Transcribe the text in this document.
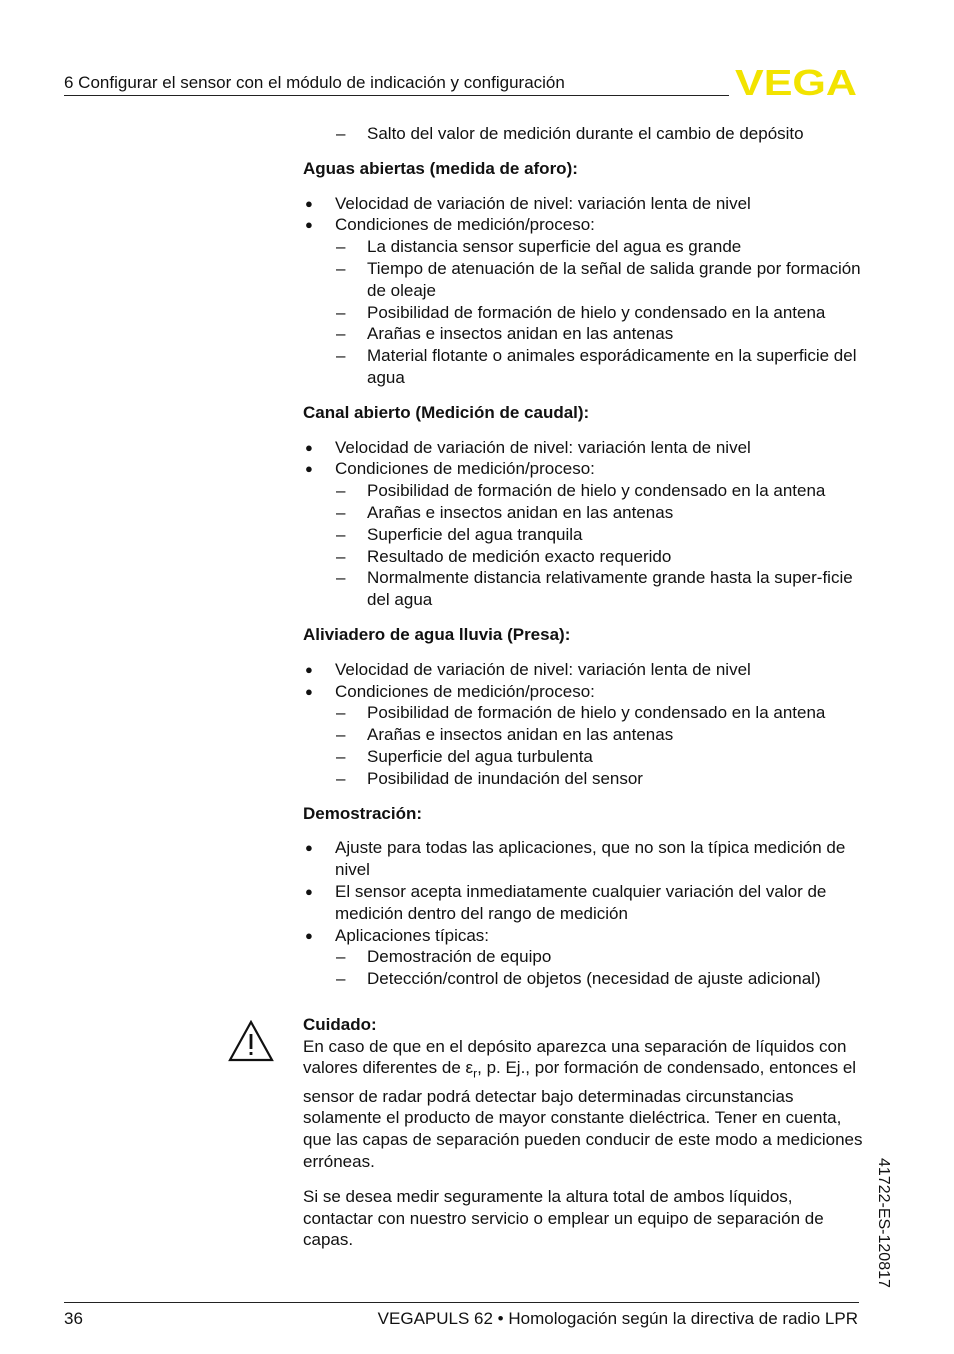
6 Configurar el sensor con el módulo de indicación y configuración	VEGA
– Salto del valor de medición durante el cambio de depósito

Aguas abiertas (medida de aforo):

● Velocidad de variación de nivel: variación lenta de nivel
● Condiciones de medición/proceso:
– La distancia sensor superficie del agua es grande
– Tiempo de atenuación de la señal de salida grande por formación de oleaje
– Posibilidad de formación de hielo y condensado en la antena
– Arañas e insectos anidan en las antenas
– Material flotante o animales esporádicamente en la superficie del agua

Canal abierto (Medición de caudal):

● Velocidad de variación de nivel: variación lenta de nivel
● Condiciones de medición/proceso:
– Posibilidad de formación de hielo y condensado en la antena
– Arañas e insectos anidan en las antenas
– Superficie del agua tranquila
– Resultado de medición exacto requerido
– Normalmente distancia relativamente grande hasta la super-ficie del agua

Aliviadero de agua lluvia (Presa):

● Velocidad de variación de nivel: variación lenta de nivel
● Condiciones de medición/proceso:
– Posibilidad de formación de hielo y condensado en la antena
– Arañas e insectos anidan en las antenas
– Superficie del agua turbulenta
– Posibilidad de inundación del sensor

Demostración:

● Ajuste para todas las aplicaciones, que no son la típica medición de nivel
● El sensor acepta inmediatamente cualquier variación del valor de medición dentro del rango de medición
● Aplicaciones típicas:
– Demostración de equipo
– Detección/control de objetos (necesidad de ajuste adicional)

Cuidado:

En caso de que en el depósito aparezca una separación de líquidos con valores diferentes de $\varepsilon_r$, p. Ej., por formación de condensado, entonces el sensor de radar podrá detectar bajo determinadas circunstancias solamente el producto de mayor constante dieléctrica. Tener en cuenta, que las capas de separación pueden conducir de este modo a mediciones erróneas.

Si se desea medir seguramente la altura total de ambos líquidos, contactar con nuestro servicio o emplear un equipo de separación de capas.	41722-ES-120817
36	VEGAPULS 62 • Homologación según la directiva de radio LPR
